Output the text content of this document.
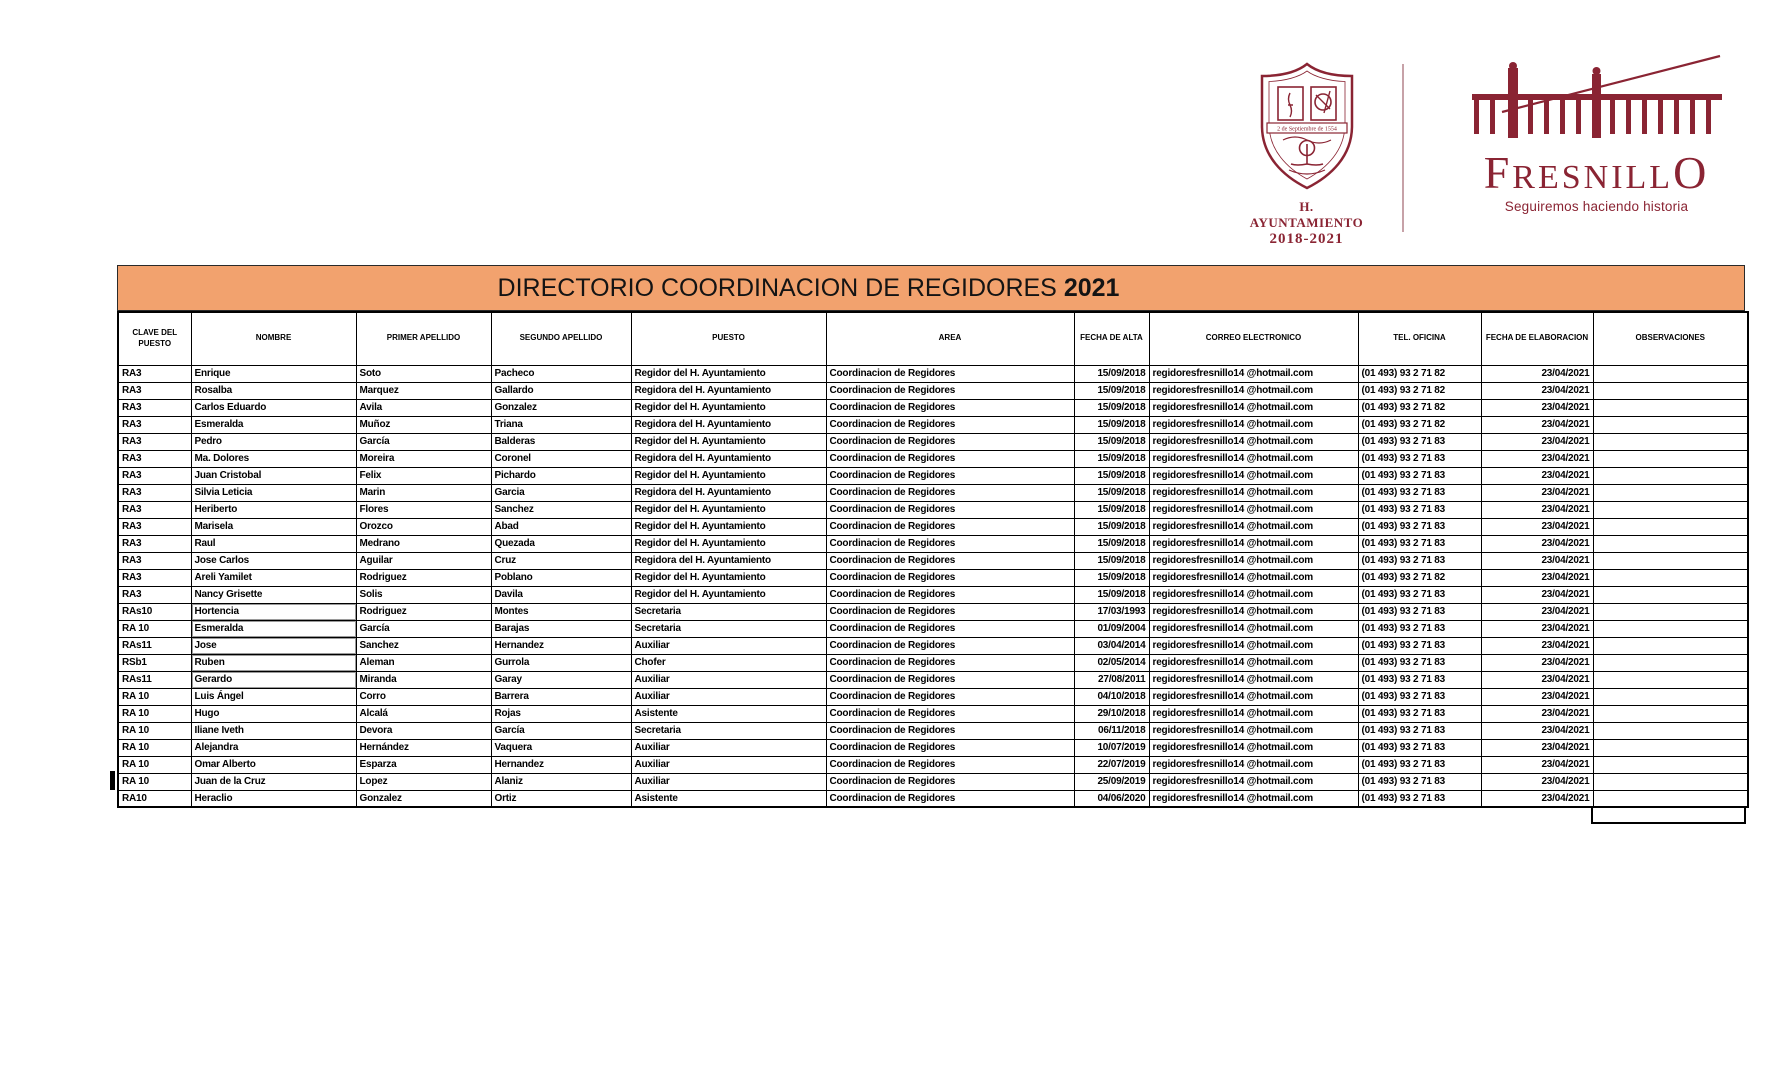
2 de Septiembre de 1554
H. AYUNTAMIENTO
2018-2021
FRESNILLO
Seguiremos haciendo historia
DIRECTORIO COORDINACION DE REGIDORES 2021
CLAVE DEL PUESTO	NOMBRE	PRIMER APELLIDO	SEGUNDO APELLIDO	PUESTO	AREA	FECHA DE ALTA	CORREO ELECTRONICO	TEL. OFICINA	FECHA DE ELABORACION	OBSERVACIONES
RA3	Enrique	Soto	Pacheco	Regidor del H. Ayuntamiento	Coordinacion de Regidores	15/09/2018	regidoresfresnillo14 @hotmail.com	(01 493) 93 2 71 82	23/04/2021	
RA3	Rosalba	Marquez	Gallardo	Regidora del H. Ayuntamiento	Coordinacion de Regidores	15/09/2018	regidoresfresnillo14 @hotmail.com	(01 493) 93 2 71 82	23/04/2021	
RA3	Carlos Eduardo	Avila	Gonzalez	Regidor del H. Ayuntamiento	Coordinacion de Regidores	15/09/2018	regidoresfresnillo14 @hotmail.com	(01 493) 93 2 71 82	23/04/2021	
RA3	Esmeralda	Muñoz	Triana	Regidora del H. Ayuntamiento	Coordinacion de Regidores	15/09/2018	regidoresfresnillo14 @hotmail.com	(01 493) 93 2 71 82	23/04/2021	
RA3	Pedro	García	Balderas	Regidor del H. Ayuntamiento	Coordinacion de Regidores	15/09/2018	regidoresfresnillo14 @hotmail.com	(01 493) 93 2 71 83	23/04/2021	
RA3	Ma. Dolores	Moreira	Coronel	Regidora del H. Ayuntamiento	Coordinacion de Regidores	15/09/2018	regidoresfresnillo14 @hotmail.com	(01 493) 93 2 71 83	23/04/2021	
RA3	Juan Cristobal	Felix	Pichardo	Regidor del H. Ayuntamiento	Coordinacion de Regidores	15/09/2018	regidoresfresnillo14 @hotmail.com	(01 493) 93 2 71 83	23/04/2021	
RA3	Silvia Leticia	Marin	Garcia	Regidora del H. Ayuntamiento	Coordinacion de Regidores	15/09/2018	regidoresfresnillo14 @hotmail.com	(01 493) 93 2 71 83	23/04/2021	
RA3	Heriberto	Flores	Sanchez	Regidor del H. Ayuntamiento	Coordinacion de Regidores	15/09/2018	regidoresfresnillo14 @hotmail.com	(01 493) 93 2 71 83	23/04/2021	
RA3	Marisela	Orozco	Abad	Regidor del H. Ayuntamiento	Coordinacion de Regidores	15/09/2018	regidoresfresnillo14 @hotmail.com	(01 493) 93 2 71 83	23/04/2021	
RA3	Raul	Medrano	Quezada	Regidor del H. Ayuntamiento	Coordinacion de Regidores	15/09/2018	regidoresfresnillo14 @hotmail.com	(01 493) 93 2 71 83	23/04/2021	
RA3	Jose Carlos	Aguilar	Cruz	Regidora del H. Ayuntamiento	Coordinacion de Regidores	15/09/2018	regidoresfresnillo14 @hotmail.com	(01 493) 93 2 71 83	23/04/2021	
RA3	Areli Yamilet	Rodriguez	Poblano	Regidor del H. Ayuntamiento	Coordinacion de Regidores	15/09/2018	regidoresfresnillo14 @hotmail.com	(01 493) 93 2 71 82	23/04/2021	
RA3	Nancy Grisette	Solis	Davila	Regidor del H. Ayuntamiento	Coordinacion de Regidores	15/09/2018	regidoresfresnillo14 @hotmail.com	(01 493) 93 2 71 83	23/04/2021	
RAs10	Hortencia	Rodriguez	Montes	Secretaria	Coordinacion de Regidores	17/03/1993	regidoresfresnillo14 @hotmail.com	(01 493) 93 2 71 83	23/04/2021	
RA 10	Esmeralda	García	Barajas	Secretaria	Coordinacion de Regidores	01/09/2004	regidoresfresnillo14 @hotmail.com	(01 493) 93 2 71 83	23/04/2021	
RAs11	Jose	Sanchez	Hernandez	Auxiliar	Coordinacion de Regidores	03/04/2014	regidoresfresnillo14 @hotmail.com	(01 493) 93 2 71 83	23/04/2021	
RSb1	Ruben	Aleman	Gurrola	Chofer	Coordinacion de Regidores	02/05/2014	regidoresfresnillo14 @hotmail.com	(01 493) 93 2 71 83	23/04/2021	
RAs11	Gerardo	Miranda	Garay	Auxiliar	Coordinacion de Regidores	27/08/2011	regidoresfresnillo14 @hotmail.com	(01 493) 93 2 71 83	23/04/2021	
RA 10	Luis Ángel	Corro	Barrera	Auxiliar	Coordinacion de Regidores	04/10/2018	regidoresfresnillo14 @hotmail.com	(01 493) 93 2 71 83	23/04/2021	
RA 10	Hugo	Alcalá	Rojas	Asistente	Coordinacion de Regidores	29/10/2018	regidoresfresnillo14 @hotmail.com	(01 493) 93 2 71 83	23/04/2021	
RA 10	Iliane Iveth	Devora	García	Secretaria	Coordinacion de Regidores	06/11/2018	regidoresfresnillo14 @hotmail.com	(01 493) 93 2 71 83	23/04/2021	
RA 10	Alejandra	Hernández	Vaquera	Auxiliar	Coordinacion de Regidores	10/07/2019	regidoresfresnillo14 @hotmail.com	(01 493) 93 2 71 83	23/04/2021	
RA 10	Omar Alberto	Esparza	Hernandez	Auxiliar	Coordinacion de Regidores	22/07/2019	regidoresfresnillo14 @hotmail.com	(01 493) 93 2 71 83	23/04/2021	
RA 10	Juan de la Cruz	Lopez	Alaniz	Auxiliar	Coordinacion de Regidores	25/09/2019	regidoresfresnillo14 @hotmail.com	(01 493) 93 2 71 83	23/04/2021	
RA10	Heraclio	Gonzalez	Ortiz	Asistente	Coordinacion de Regidores	04/06/2020	regidoresfresnillo14 @hotmail.com	(01 493) 93 2 71 83	23/04/2021	
